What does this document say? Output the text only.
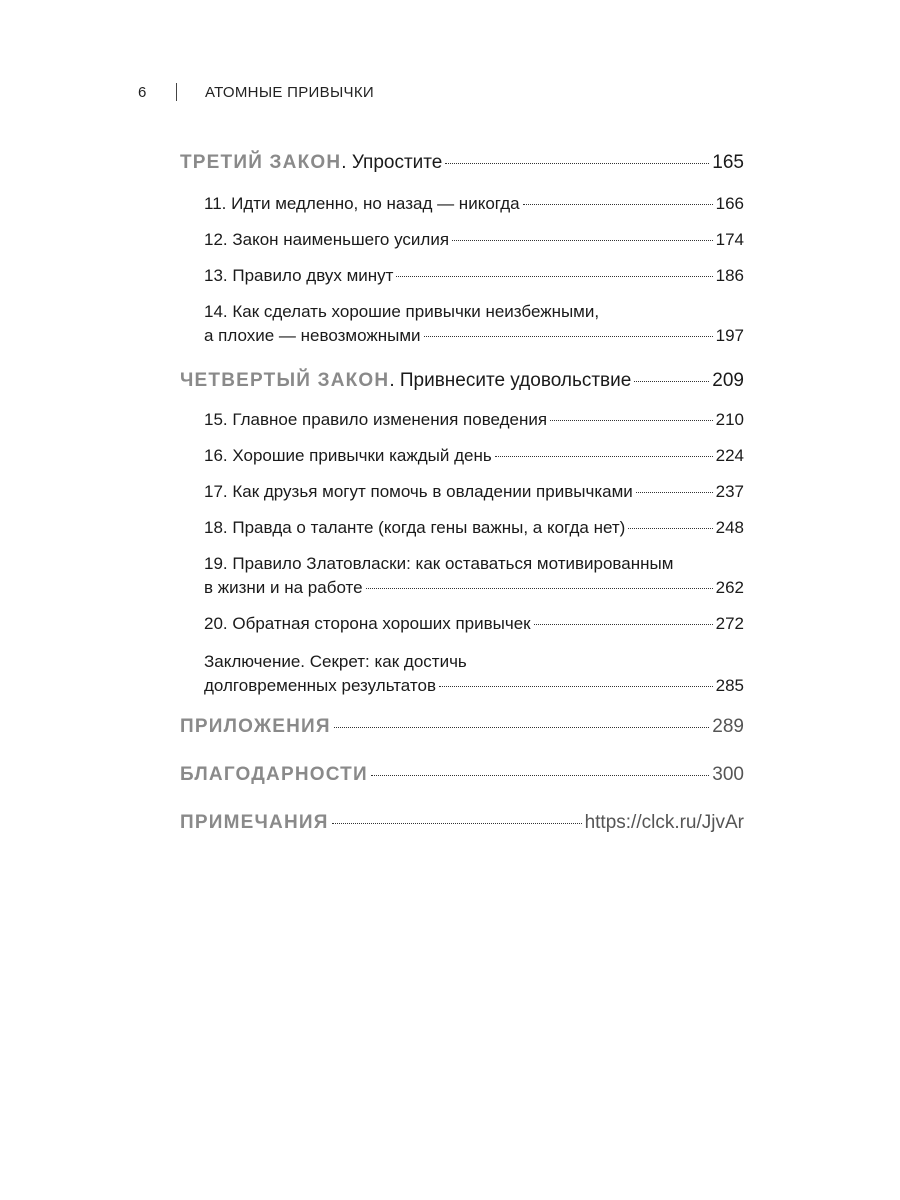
6	АТОМНЫЕ ПРИВЫЧКИ
ТРЕТИЙ ЗАКОН . Упростите	165
11. Идти медленно, но назад — никогда	166
12. Закон наименьшего усилия	174
13. Правило двух минут	186
14. Как сделать хорошие привычки неизбежными,
а плохие — невозможными	197
ЧЕТВЕРТЫЙ ЗАКОН . Привнесите удовольствие	209
15. Главное правило изменения поведения	210
16. Хорошие привычки каждый день	224
17. Как друзья могут помочь в овладении привычками	237
18. Правда о таланте (когда гены важны, а когда нет)	248
19. Правило Златовласки: как оставаться мотивированным
в жизни и на работе	262
20. Обратная сторона хороших привычек	272
Заключение. Секрет: как достичь
долговременных результатов	285
ПРИЛОЖЕНИЯ	289
БЛАГОДАРНОСТИ	300
ПРИМЕЧАНИЯ	https://clck.ru/JjvAr
